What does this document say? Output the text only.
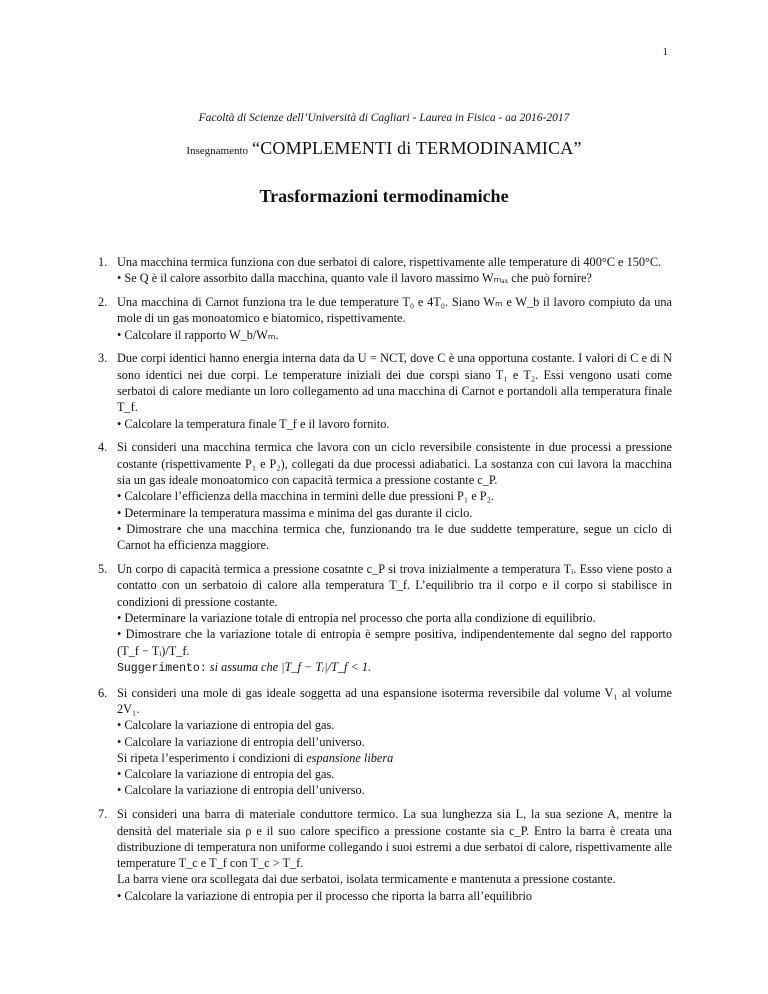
1
Facoltà di Scienze dell’Università di Cagliari - Laurea in Fisica - aa 2016-2017
Insegnamento “COMPLEMENTI di TERMODINAMICA”
Trasformazioni termodinamiche
1. Una macchina termica funziona con due serbatoi di calore, rispettivamente alle temperature di 400°C e 150°C.
• Se Q è il calore assorbito dalla macchina, quanto vale il lavoro massimo Wₘₐₓ che può fornire?
2. Una macchina di Carnot funziona tra le due temperature T₀ e 4T₀. Siano Wₘ e W_b il lavoro compiuto da una mole di un gas monoatomico e biatomico, rispettivamente.
• Calcolare il rapporto W_b/Wₘ.
3. Due corpi identici hanno energia interna data da U = NCT, dove C è una opportuna costante. I valori di C e di N sono identici nei due corpi. Le temperature iniziali dei due corspi siano T₁ e T₂. Essi vengono usati come serbatoi di calore mediante un loro collegamento ad una macchina di Carnot e portandoli alla temperatura finale T_f.
• Calcolare la temperatura finale T_f e il lavoro fornito.
4. Si consideri una macchina termica che lavora con un ciclo reversibile consistente in due processi a pressione costante (rispettivamente P₁ e P₂), collegati da due processi adiabatici. La sostanza con cui lavora la macchina sia un gas ideale monoatomico con capacità termica a pressione costante c_P.
• Calcolare l’efficienza della macchina in termini delle due pressioni P₁ e P₂.
• Determinare la temperatura massima e minima del gas durante il ciclo.
• Dimostrare che una macchina termica che, funzionando tra le due suddette temperature, segue un ciclo di Carnot ha efficienza maggiore.
5. Un corpo di capacità termica a pressione cosatnte c_P si trova inizialmente a temperatura Tᵢ. Esso viene posto a contatto con un serbatoio di calore alla temperatura T_f. L’equilibrio tra il corpo e il corpo si stabilisce in condizioni di pressione costante.
• Determinare la variazione totale di entropia nel processo che porta alla condizione di equilibrio.
• Dimostrare che la variazione totale di entropia è sempre positiva, indipendentemente dal segno del rapporto (T_f − Tᵢ)/T_f.
Suggerimento: si assuma che |T_f − Tᵢ|/T_f < 1.
6. Si consideri una mole di gas ideale soggetta ad una espansione isoterma reversibile dal volume V₁ al volume 2V₁.
• Calcolare la variazione di entropia del gas.
• Calcolare la variazione di entropia dell’universo.
Si ripeta l’esperimento i condizioni di espansione libera
• Calcolare la variazione di entropia del gas.
• Calcolare la variazione di entropia dell’universo.
7. Si consideri una barra di materiale conduttore termico. La sua lunghezza sia L, la sua sezione A, mentre la densità del materiale sia ρ e il suo calore specifico a pressione costante sia c_P. Entro la barra è creata una distribuzione di temperatura non uniforme collegando i suoi estremi a due serbatoi di calore, rispettivamente alle temperature T_c e T_f con T_c > T_f.
La barra viene ora scollegata dai due serbatoi, isolata termicamente e mantenuta a pressione costante.
• Calcolare la variazione di entropia per il processo che riporta la barra all’equilibrio
